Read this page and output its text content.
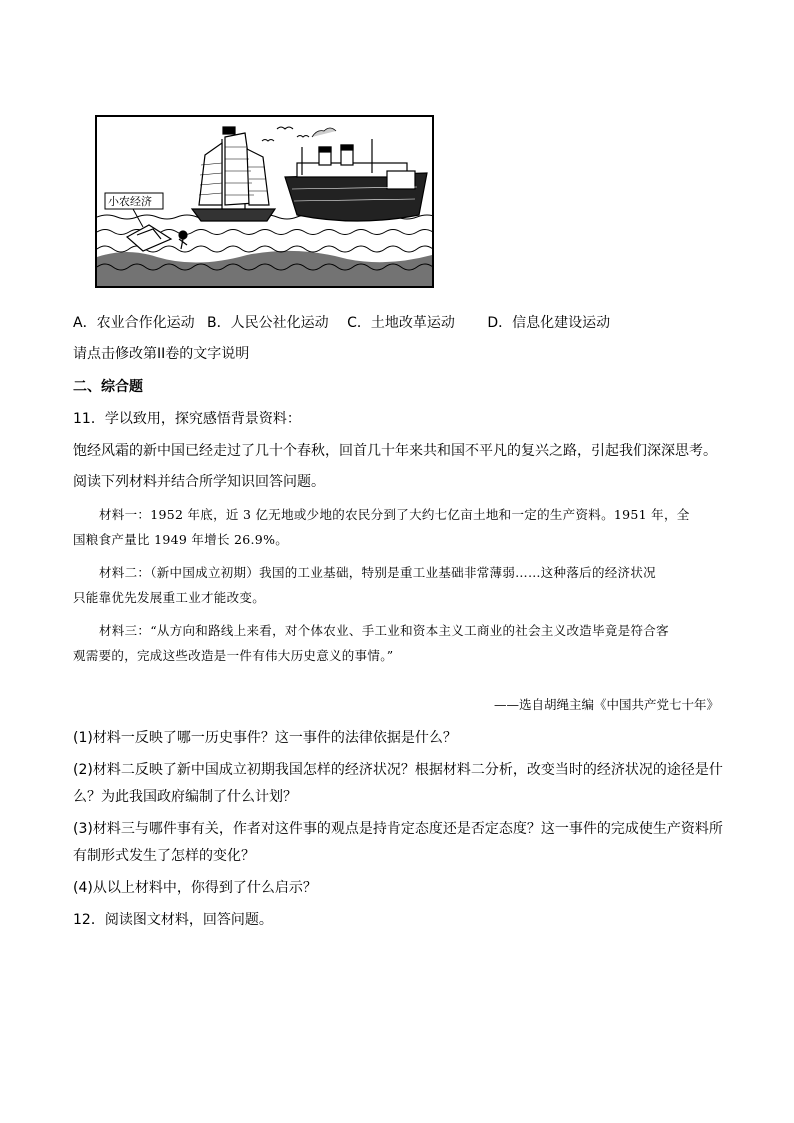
小农经济
A．农业合作化运动 B．人民公社化运动 C．土地改革运动 D．信息化建设运动
请点击修改第II卷的文字说明
二、综合题
11．学以致用，探究感悟背景资料：
饱经风霜的新中国已经走过了几十个春秋，回首几十年来共和国不平凡的复兴之路，引起我们深深思考。
阅读下列材料并结合所学知识回答问题。
材料一：1952 年底，近 3 亿无地或少地的农民分到了大约七亿亩土地和一定的生产资料。1951 年，全
国粮食产量比 1949 年增长 26.9%。
材料二：（新中国成立初期）我国的工业基础，特别是重工业基础非常薄弱……这种落后的经济状况
只能靠优先发展重工业才能改变。
材料三：“从方向和路线上来看，对个体农业、手工业和资本主义工商业的社会主义改造毕竟是符合客
观需要的，完成这些改造是一件有伟大历史意义的事情。”
——选自胡绳主编《中国共产党七十年》
(1)材料一反映了哪一历史事件？这一事件的法律依据是什么？
(2)材料二反映了新中国成立初期我国怎样的经济状况？根据材料二分析，改变当时的经济状况的途径是什
么？为此我国政府编制了什么计划？
(3)材料三与哪件事有关，作者对这件事的观点是持肯定态度还是否定态度？这一事件的完成使生产资料所
有制形式发生了怎样的变化？
(4)从以上材料中，你得到了什么启示？
12．阅读图文材料，回答问题。
